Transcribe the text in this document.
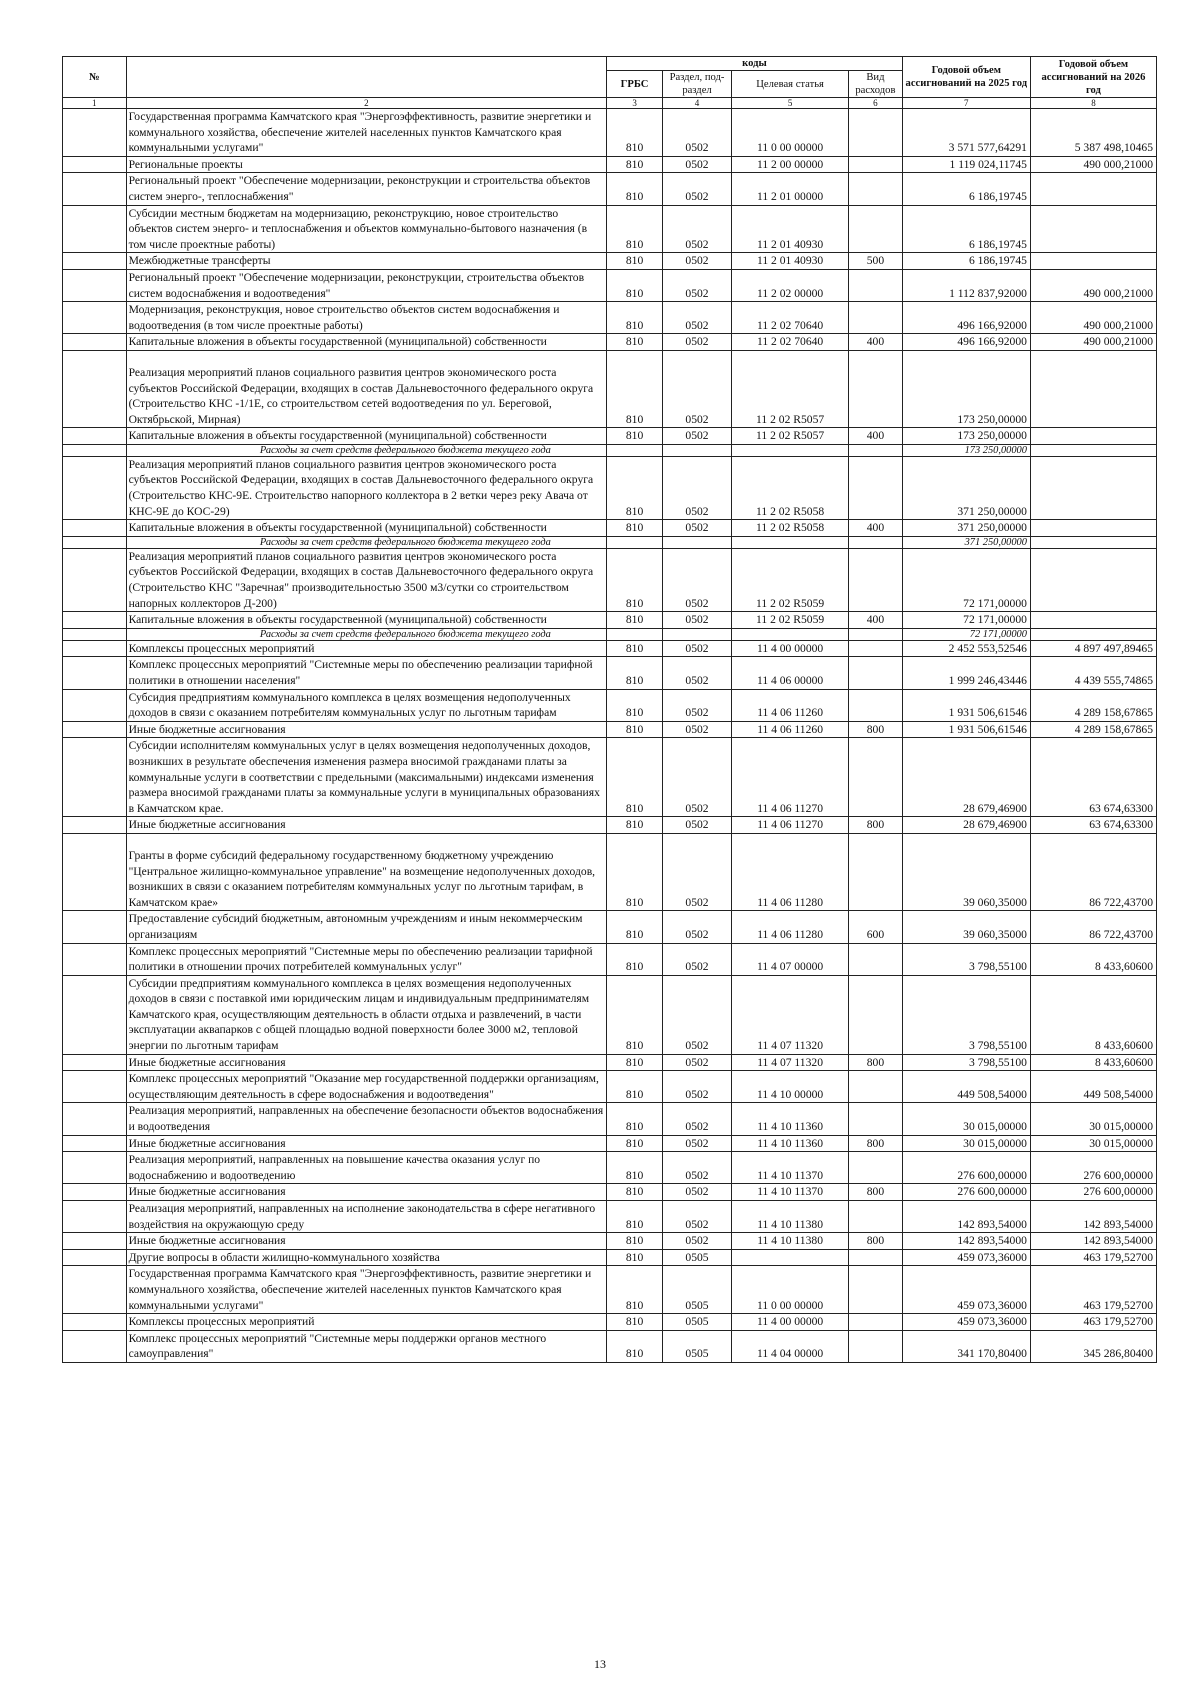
№		коды				Годовой объем ассигнований на 2025 год	Годовой объем ассигнований на 2026 год
		ГРБС	Раздел, под-раздел	Целевая статья	Вид расходов		
1	2	3	4	5	6	7	8
	Государственная программа Камчатского края "Энергоэффективность, развитие энергетики и коммунального хозяйства, обеспечение жителей населенных пунктов Камчатского края коммунальными услугами"	810	0502	11 0 00 00000		3 571 577,64291	5 387 498,10465
	Региональные проекты	810	0502	11 2 00 00000		1 119 024,11745	490 000,21000
	Региональный проект "Обеспечение модернизации, реконструкции и строительства объектов систем энерго-, теплоснабжения"	810	0502	11 2 01 00000		6 186,19745	
	Субсидии местным бюджетам на модернизацию, реконструкцию, новое строительство объектов систем энерго- и теплоснабжения и объектов коммунально-бытового назначения (в том числе проектные работы)	810	0502	11 2 01 40930		6 186,19745	
	Межбюджетные трансферты	810	0502	11 2 01 40930	500	6 186,19745	
	Региональный проект "Обеспечение модернизации, реконструкции, строительства объектов систем водоснабжения и водоотведения"	810	0502	11 2 02 00000		1 112 837,92000	490 000,21000
	Модернизация, реконструкция, новое строительство объектов систем водоснабжения и водоотведения (в том числе проектные работы)	810	0502	11 2 02 70640		496 166,92000	490 000,21000
	Капитальные вложения в объекты государственной (муниципальной) собственности	810	0502	11 2 02 70640	400	496 166,92000	490 000,21000
	Реализация мероприятий планов социального развития центров экономического роста субъектов Российской Федерации, входящих в состав Дальневосточного федерального округа (Строительство КНС -1/1Е, со строительством сетей водоотведения по ул. Береговой, Октябрьской, Мирная)	810	0502	11 2 02 R5057		173 250,00000	
	Капитальные вложения в объекты государственной (муниципальной) собственности	810	0502	11 2 02 R5057	400	173 250,00000	
	Расходы за счет средств федерального бюджета текущего года					173 250,00000	
	Реализация мероприятий планов социального развития центров экономического роста субъектов Российской Федерации, входящих в состав Дальневосточного федерального округа (Строительство КНС-9Е. Строительство напорного коллектора в 2 ветки через реку Авача от КНС-9Е до КОС-29)	810	0502	11 2 02 R5058		371 250,00000	
	Капитальные вложения в объекты государственной (муниципальной) собственности	810	0502	11 2 02 R5058	400	371 250,00000	
	Расходы за счет средств федерального бюджета текущего года					371 250,00000	
	Реализация мероприятий планов социального развития центров экономического роста субъектов Российской Федерации, входящих в состав Дальневосточного федерального округа (Строительство КНС "Заречная" производительностью 3500 м3/сутки со строительством напорных коллекторов Д-200)	810	0502	11 2 02 R5059		72 171,00000	
	Капитальные вложения в объекты государственной (муниципальной) собственности	810	0502	11 2 02 R5059	400	72 171,00000	
	Расходы за счет средств федерального бюджета текущего года					72 171,00000	
	Комплексы процессных мероприятий	810	0502	11 4 00 00000		2 452 553,52546	4 897 497,89465
	Комплекс процессных мероприятий "Системные меры по обеспечению реализации тарифной политики в отношении населения"	810	0502	11 4 06 00000		1 999 246,43446	4 439 555,74865
	Субсидия предприятиям коммунального комплекса в целях возмещения недополученных доходов в связи с оказанием потребителям коммунальных услуг по льготным тарифам	810	0502	11 4 06 11260		1 931 506,61546	4 289 158,67865
	Иные бюджетные ассигнования	810	0502	11 4 06 11260	800	1 931 506,61546	4 289 158,67865
	Субсидии исполнителям коммунальных услуг в целях возмещения недополученных доходов, возникших в результате обеспечения изменения размера вносимой гражданами платы за коммунальные услуги в соответствии с предельными (максимальными) индексами изменения размера вносимой гражданами платы за коммунальные услуги в муниципальных образованиях в Камчатском крае.	810	0502	11 4 06 11270		28 679,46900	63 674,63300
	Иные бюджетные ассигнования	810	0502	11 4 06 11270	800	28 679,46900	63 674,63300
	Гранты в форме субсидий федеральному государственному бюджетному учреждению "Центральное жилищно-коммунальное управление" на возмещение недополученных доходов, возникших в связи с оказанием потребителям коммунальных услуг по льготным тарифам, в Камчатском крае»	810	0502	11 4 06 11280		39 060,35000	86 722,43700
	Предоставление субсидий бюджетным, автономным учреждениям и иным некоммерческим организациям	810	0502	11 4 06 11280	600	39 060,35000	86 722,43700
	Комплекс процессных мероприятий "Системные меры по обеспечению реализации тарифной политики в отношении прочих потребителей коммунальных услуг"	810	0502	11 4 07 00000		3 798,55100	8 433,60600
	Субсидии предприятиям коммунального комплекса в целях возмещения недополученных доходов в связи с поставкой ими юридическим лицам и индивидуальным предпринимателям Камчатского края, осуществляющим деятельность в области отдыха и развлечений, в части эксплуатации аквапарков с общей площадью водной поверхности более 3000 м2, тепловой энергии по льготным тарифам	810	0502	11 4 07 11320		3 798,55100	8 433,60600
	Иные бюджетные ассигнования	810	0502	11 4 07 11320	800	3 798,55100	8 433,60600
	Комплекс процессных мероприятий "Оказание мер государственной поддержки организациям, осуществляющим деятельность в сфере водоснабжения и водоотведения"	810	0502	11 4 10 00000		449 508,54000	449 508,54000
	Реализация мероприятий, направленных на обеспечение безопасности объектов водоснабжения и водоотведения	810	0502	11 4 10 11360		30 015,00000	30 015,00000
	Иные бюджетные ассигнования	810	0502	11 4 10 11360	800	30 015,00000	30 015,00000
	Реализация мероприятий, направленных на повышение качества оказания услуг по водоснабжению и водоотведению	810	0502	11 4 10 11370		276 600,00000	276 600,00000
	Иные бюджетные ассигнования	810	0502	11 4 10 11370	800	276 600,00000	276 600,00000
	Реализация мероприятий, направленных на исполнение законодательства в сфере негативного воздействия на окружающую среду	810	0502	11 4 10 11380		142 893,54000	142 893,54000
	Иные бюджетные ассигнования	810	0502	11 4 10 11380	800	142 893,54000	142 893,54000
	Другие вопросы в области жилищно-коммунального хозяйства	810	0505			459 073,36000	463 179,52700
	Государственная программа Камчатского края "Энергоэффективность, развитие энергетики и коммунального хозяйства, обеспечение жителей населенных пунктов Камчатского края коммунальными услугами"	810	0505	11 0 00 00000		459 073,36000	463 179,52700
	Комплексы процессных мероприятий	810	0505	11 4 00 00000		459 073,36000	463 179,52700
	Комплекс процессных мероприятий "Системные меры поддержки органов местного самоуправления"	810	0505	11 4 04 00000		341 170,80400	345 286,80400
13
